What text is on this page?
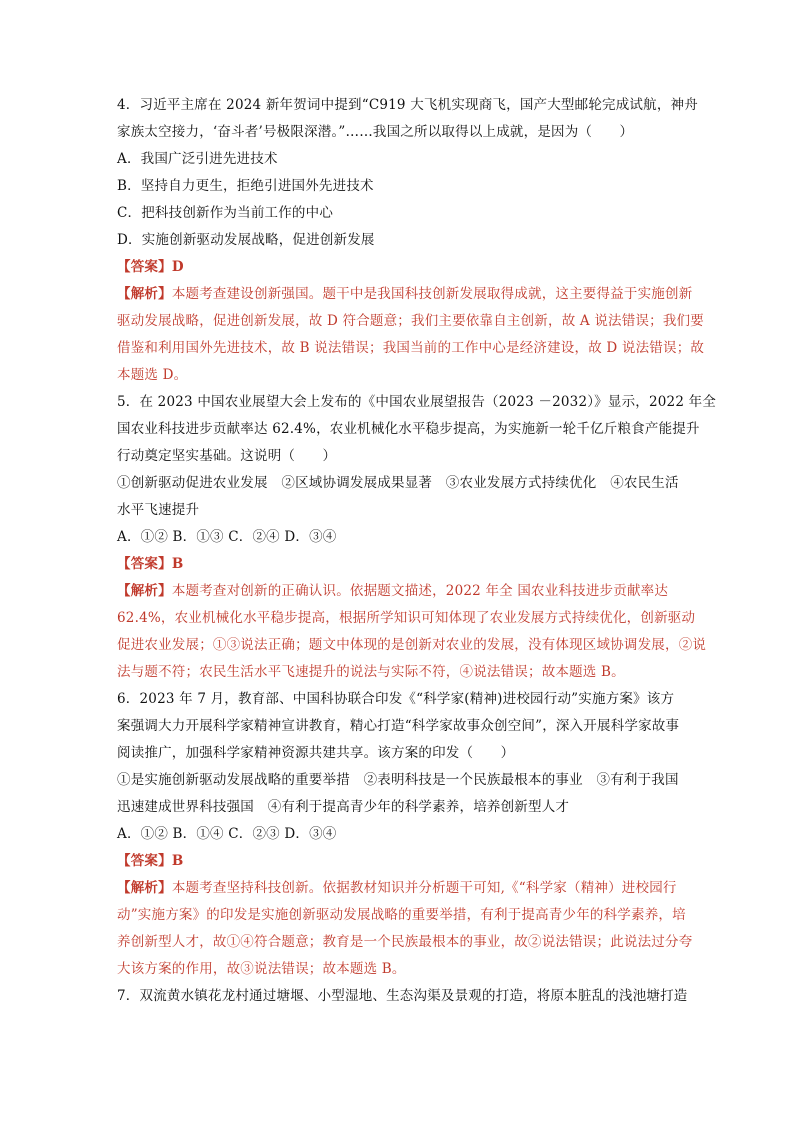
4．习近平主席在 2024 新年贺词中提到“C919 大飞机实现商飞，国产大型邮轮完成试航，神舟
家族太空接力，‘奋斗者’号极限深潜。”……我国之所以取得以上成就，是因为（　　）
A．我国广泛引进先进技术
B．坚持自力更生，拒绝引进国外先进技术
C．把科技创新作为当前工作的中心
D．实施创新驱动发展战略，促进创新发展
【答案】D
【解析】本题考查建设创新强国。题干中是我国科技创新发展取得成就，这主要得益于实施创新
驱动发展战略，促进创新发展，故 D 符合题意；我们主要依靠自主创新，故 A 说法错误；我们要
借鉴和利用国外先进技术，故 B 说法错误；我国当前的工作中心是经济建设，故 D 说法错误；故
本题选 D。
5．在 2023 中国农业展望大会上发布的《中国农业展望报告（2023 －2032）》显示，2022 年全
国农业科技进步贡献率达 62.4%，农业机械化水平稳步提高，为实施新一轮千亿斤粮食产能提升
行动奠定坚实基础。这说明（　　）
①创新驱动促进农业发展　②区域协调发展成果显著　③农业发展方式持续优化　④农民生活
水平飞速提升
A．①② B．①③ C．②④ D．③④
【答案】B
【解析】本题考查对创新的正确认识。依据题文描述，2022 年全 国农业科技进步贡献率达
62.4%，农业机械化水平稳步提高，根据所学知识可知体现了农业发展方式持续优化，创新驱动
促进农业发展；①③说法正确；题文中体现的是创新对农业的发展，没有体现区域协调发展，②说
法与题不符；农民生活水平飞速提升的说法与实际不符，④说法错误；故本题选 B。
6．2023 年 7 月，教育部、中国科协联合印发《“科学家(精神)进校园行动”实施方案》该方
案强调大力开展科学家精神宣讲教育，精心打造“科学家故事众创空间”，深入开展科学家故事
阅读推广，加强科学家精神资源共建共享。该方案的印发（　　）
①是实施创新驱动发展战略的重要举措　②表明科技是一个民族最根本的事业　③有利于我国
迅速建成世界科技强国　④有利于提高青少年的科学素养，培养创新型人才
A．①② B．①④ C．②③ D．③④
【答案】B
【解析】本题考查坚持科技创新。依据教材知识并分析题干可知,《“科学家（精神）进校园行
动”实施方案》的印发是实施创新驱动发展战略的重要举措，有利于提高青少年的科学素养，培
养创新型人才，故①④符合题意；教育是一个民族最根本的事业，故②说法错误；此说法过分夸
大该方案的作用，故③说法错误；故本题选 B。
7．双流黄水镇花龙村通过塘堰、小型湿地、生态沟渠及景观的打造，将原本脏乱的浅池塘打造
